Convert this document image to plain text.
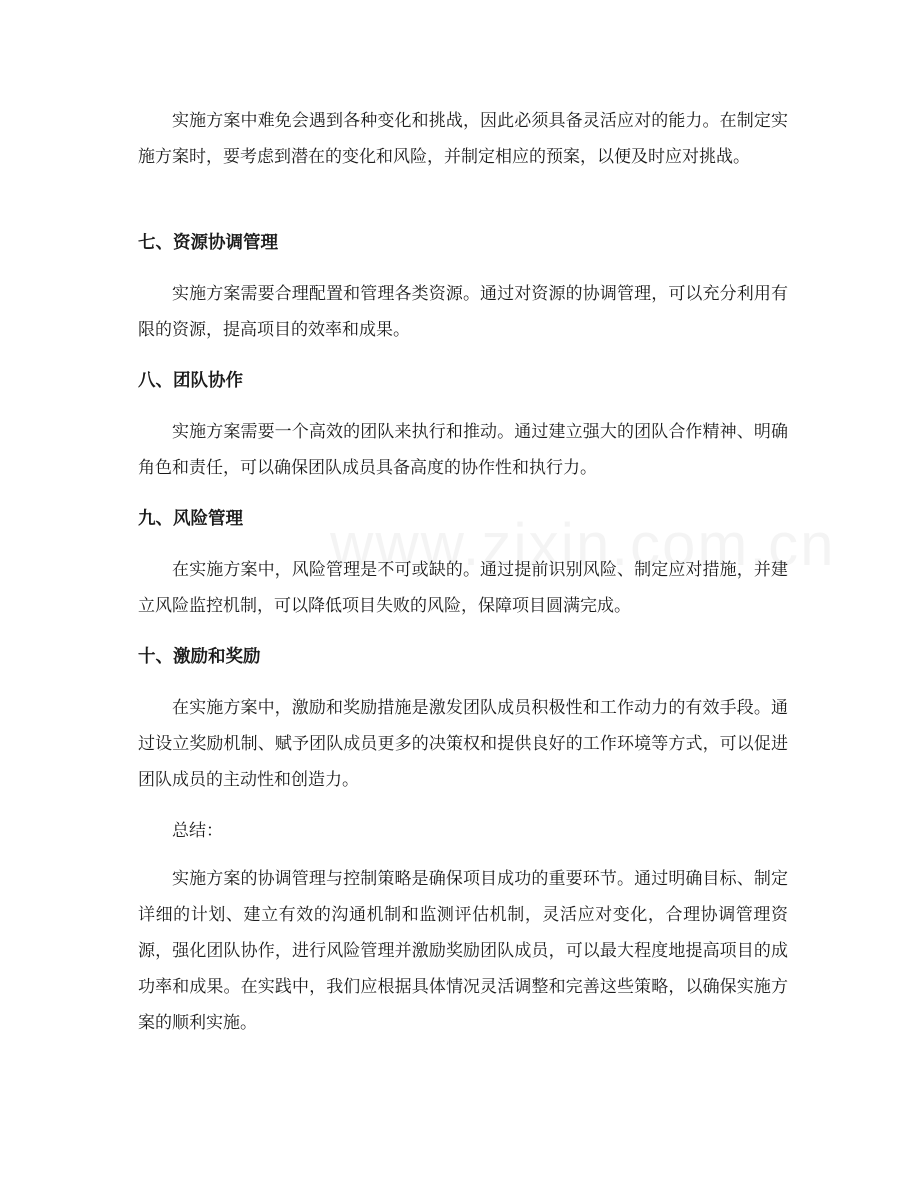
实施方案中难免会遇到各种变化和挑战，因此必须具备灵活应对的能力。在制定实施方案时，要考虑到潜在的变化和风险，并制定相应的预案，以便及时应对挑战。

七、资源协调管理

实施方案需要合理配置和管理各类资源。通过对资源的协调管理，可以充分利用有限的资源，提高项目的效率和成果。

八、团队协作

实施方案需要一个高效的团队来执行和推动。通过建立强大的团队合作精神、明确角色和责任，可以确保团队成员具备高度的协作性和执行力。

九、风险管理

在实施方案中，风险管理是不可或缺的。通过提前识别风险、制定应对措施，并建立风险监控机制，可以降低项目失败的风险，保障项目圆满完成。

十、激励和奖励

在实施方案中，激励和奖励措施是激发团队成员积极性和工作动力的有效手段。通过设立奖励机制、赋予团队成员更多的决策权和提供良好的工作环境等方式，可以促进团队成员的主动性和创造力。

总结：

实施方案的协调管理与控制策略是确保项目成功的重要环节。通过明确目标、制定详细的计划、建立有效的沟通机制和监测评估机制，灵活应对变化，合理协调管理资源，强化团队协作，进行风险管理并激励奖励团队成员，可以最大程度地提高项目的成功率和成果。在实践中，我们应根据具体情况灵活调整和完善这些策略，以确保实施方案的顺利实施。
